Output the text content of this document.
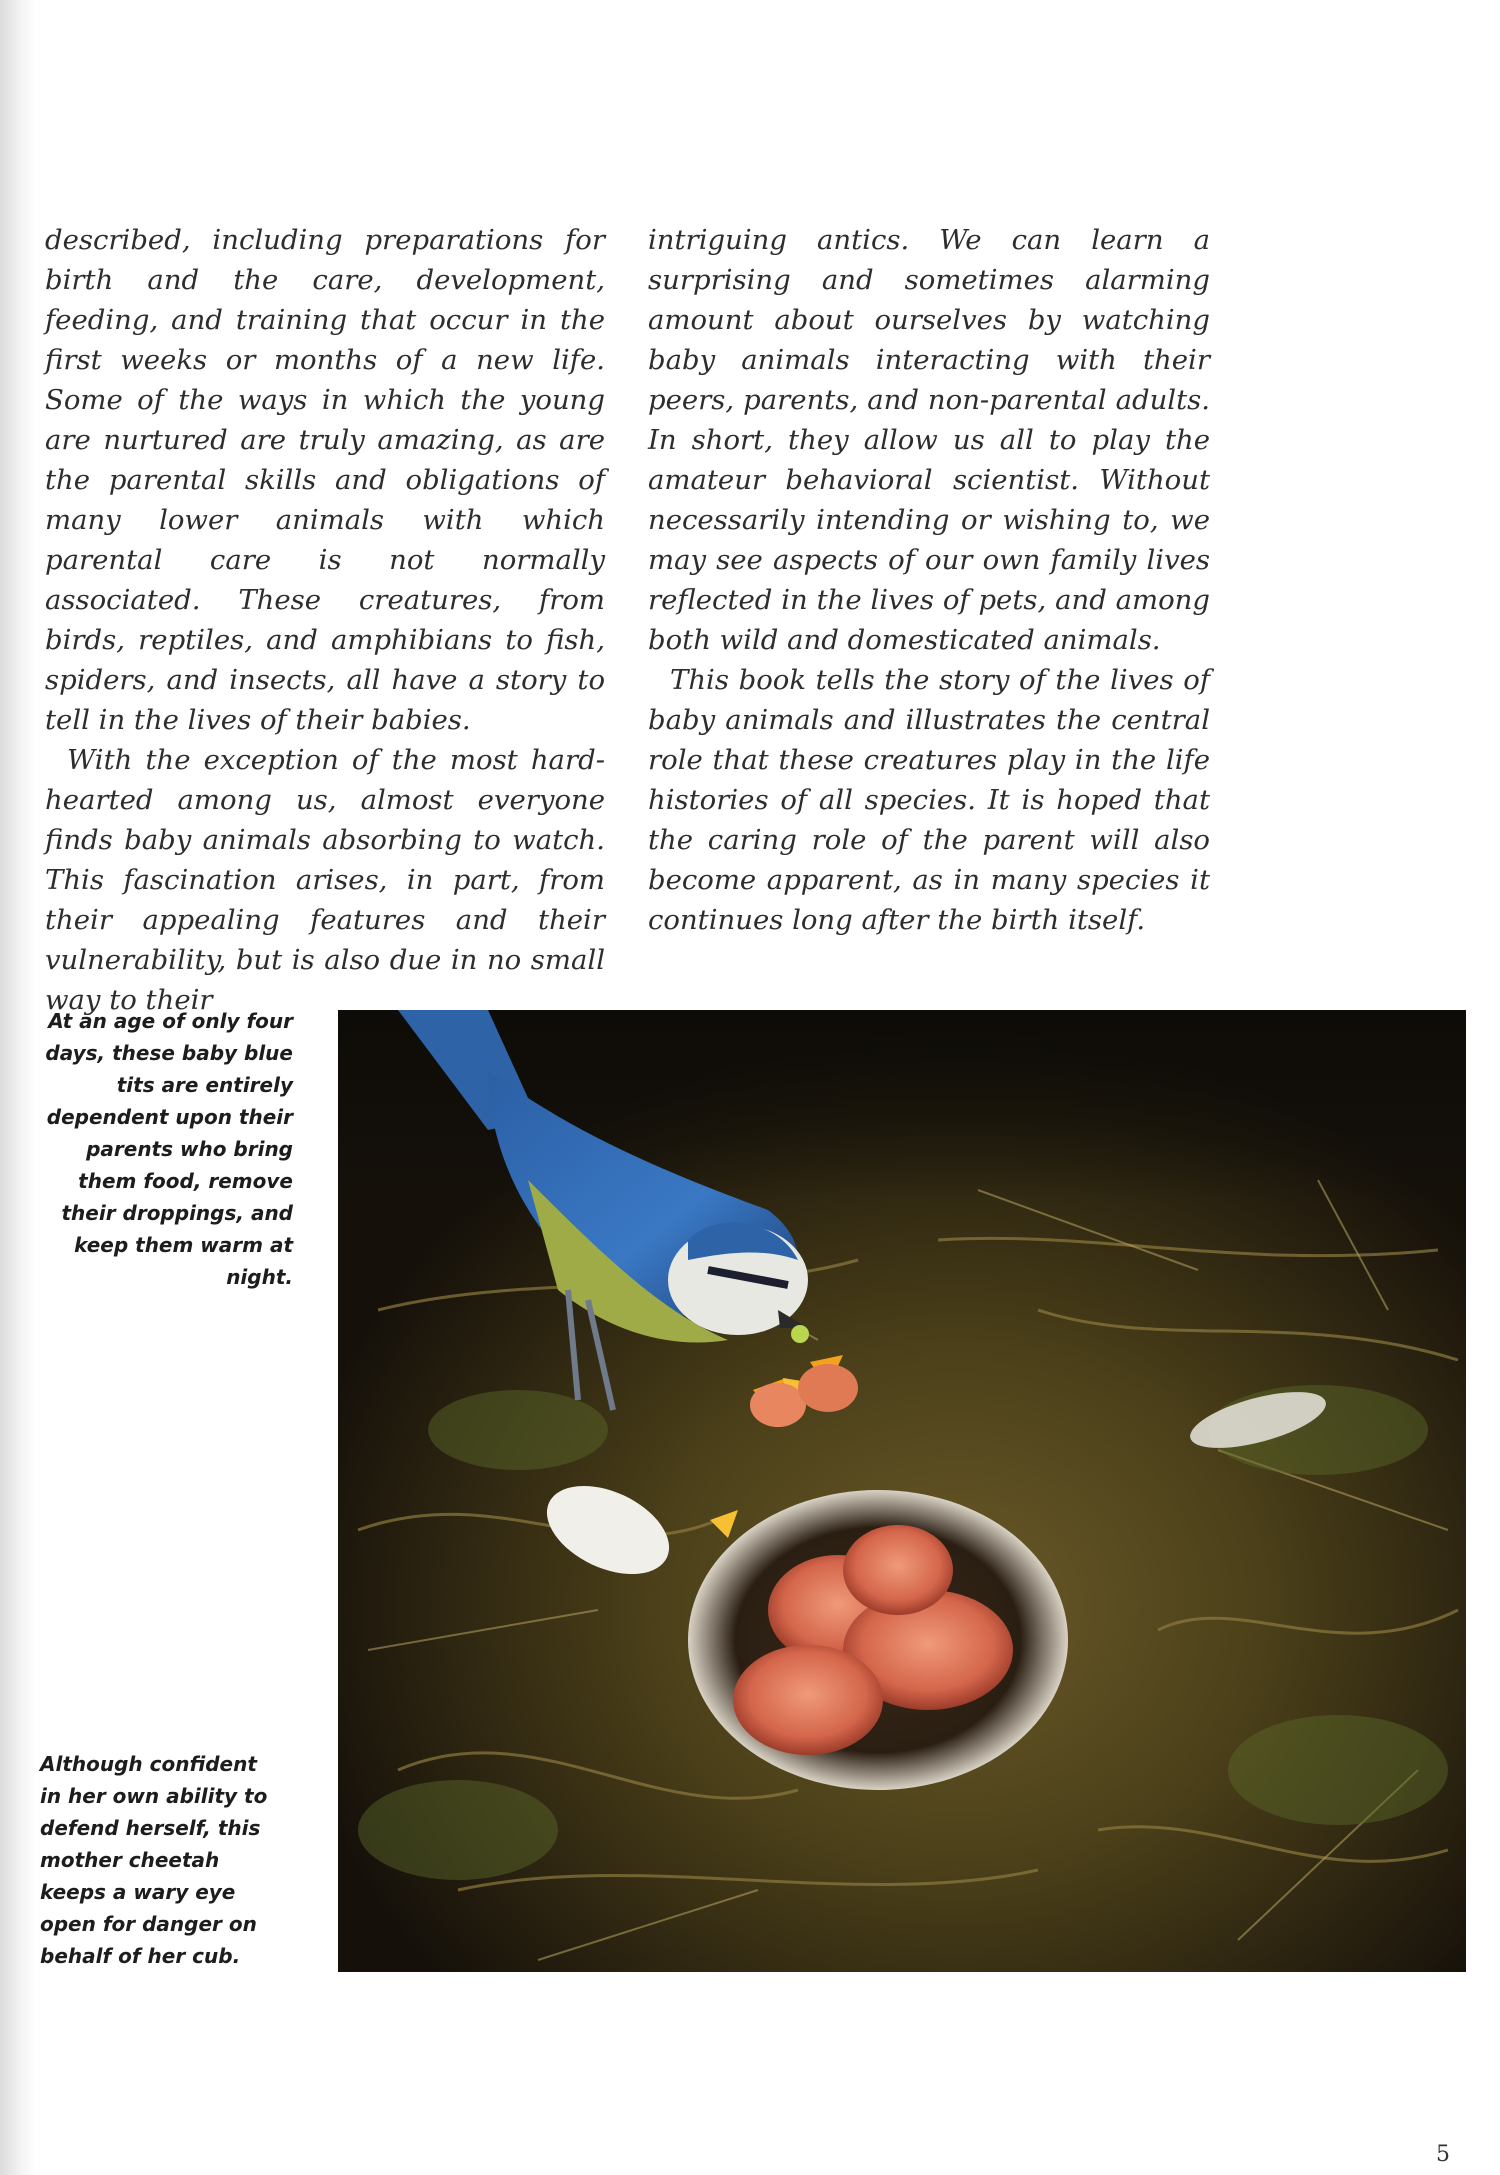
described, including preparations for birth and the care, development, feeding, and training that occur in the first weeks or months of a new life. Some of the ways in which the young are nurtured are truly amazing, as are the parental skills and obligations of many lower animals with which parental care is not normally associated. These creatures, from birds, reptiles, and amphibians to fish, spiders, and insects, all have a story to tell in the lives of their babies.

With the exception of the most hard-hearted among us, almost everyone finds baby animals absorbing to watch. This fascination arises, in part, from their appealing features and their vulnerability, but is also due in no small way to their

intriguing antics. We can learn a surprising and sometimes alarming amount about ourselves by watching baby animals interacting with their peers, parents, and non-parental adults. In short, they allow us all to play the amateur behavioral scientist. Without necessarily intending or wishing to, we may see aspects of our own family lives reflected in the lives of pets, and among both wild and domesticated animals.

This book tells the story of the lives of baby animals and illustrates the central role that these creatures play in the life histories of all species. It is hoped that the caring role of the parent will also become apparent, as in many species it continues long after the birth itself.

At an age of only four days, these baby blue tits are entirely dependent upon their parents who bring them food, remove their droppings, and keep them warm at night.
Although confident in her own ability to defend herself, this mother cheetah keeps a wary eye open for danger on behalf of her cub.
5
